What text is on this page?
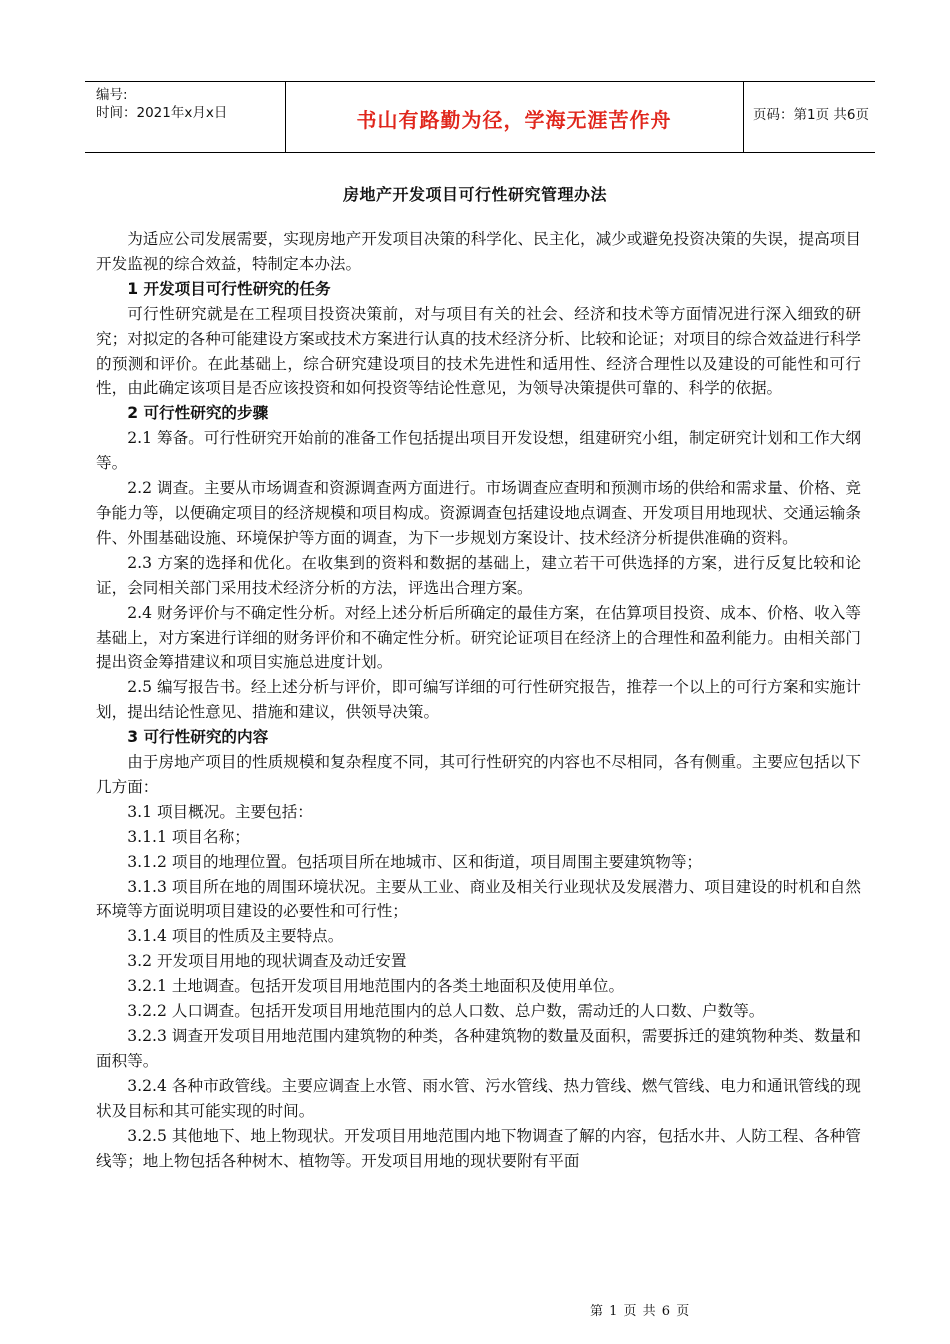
编号:
时间：2021年x月x日	书山有路勤为径，学海无涯苦作舟	页码：第1页 共6页
房地产开发项目可行性研究管理办法

为适应公司发展需要，实现房地产开发项目决策的科学化、民主化，减少或避免投资决策的失误，提高项目开发监视的综合效益，特制定本办法。

1 开发项目可行性研究的任务

可行性研究就是在工程项目投资决策前，对与项目有关的社会、经济和技术等方面情况进行深入细致的研究；对拟定的各种可能建设方案或技术方案进行认真的技术经济分析、比较和论证；对项目的综合效益进行科学的预测和评价。在此基础上，综合研究建设项目的技术先进性和适用性、经济合理性以及建设的可能性和可行性，由此确定该项目是否应该投资和如何投资等结论性意见，为领导决策提供可靠的、科学的依据。

2 可行性研究的步骤

2.1 筹备。可行性研究开始前的准备工作包括提出项目开发设想，组建研究小组，制定研究计划和工作大纲等。

2.2 调查。主要从市场调查和资源调查两方面进行。市场调查应查明和预测市场的供给和需求量、价格、竞争能力等，以便确定项目的经济规模和项目构成。资源调查包括建设地点调查、开发项目用地现状、交通运输条件、外围基础设施、环境保护等方面的调查，为下一步规划方案设计、技术经济分析提供准确的资料。

2.3 方案的选择和优化。在收集到的资料和数据的基础上，建立若干可供选择的方案，进行反复比较和论证，会同相关部门采用技术经济分析的方法，评选出合理方案。

2.4 财务评价与不确定性分析。对经上述分析后所确定的最佳方案，在估算项目投资、成本、价格、收入等基础上，对方案进行详细的财务评价和不确定性分析。研究论证项目在经济上的合理性和盈利能力。由相关部门提出资金筹措建议和项目实施总进度计划。

2.5 编写报告书。经上述分析与评价，即可编写详细的可行性研究报告，推荐一个以上的可行方案和实施计划，提出结论性意见、措施和建议，供领导决策。

3 可行性研究的内容

由于房地产项目的性质规模和复杂程度不同，其可行性研究的内容也不尽相同，各有侧重。主要应包括以下几方面：

3.1 项目概况。主要包括：

3.1.1 项目名称；

3.1.2 项目的地理位置。包括项目所在地城市、区和街道，项目周围主要建筑物等；

3.1.3 项目所在地的周围环境状况。主要从工业、商业及相关行业现状及发展潜力、项目建设的时机和自然环境等方面说明项目建设的必要性和可行性；

3.1.4 项目的性质及主要特点。

3.2 开发项目用地的现状调查及动迁安置

3.2.1 土地调查。包括开发项目用地范围内的各类土地面积及使用单位。

3.2.2 人口调查。包括开发项目用地范围内的总人口数、总户数，需动迁的人口数、户数等。

3.2.3 调查开发项目用地范围内建筑物的种类，各种建筑物的数量及面积，需要拆迁的建筑物种类、数量和面积等。

3.2.4 各种市政管线。主要应调查上水管、雨水管、污水管线、热力管线、燃气管线、电力和通讯管线的现状及目标和其可能实现的时间。

3.2.5 其他地下、地上物现状。开发项目用地范围内地下物调查了解的内容，包括水井、人防工程、各种管线等；地上物包括各种树木、植物等。开发项目用地的现状要附有平面

第 1 页 共 6 页
